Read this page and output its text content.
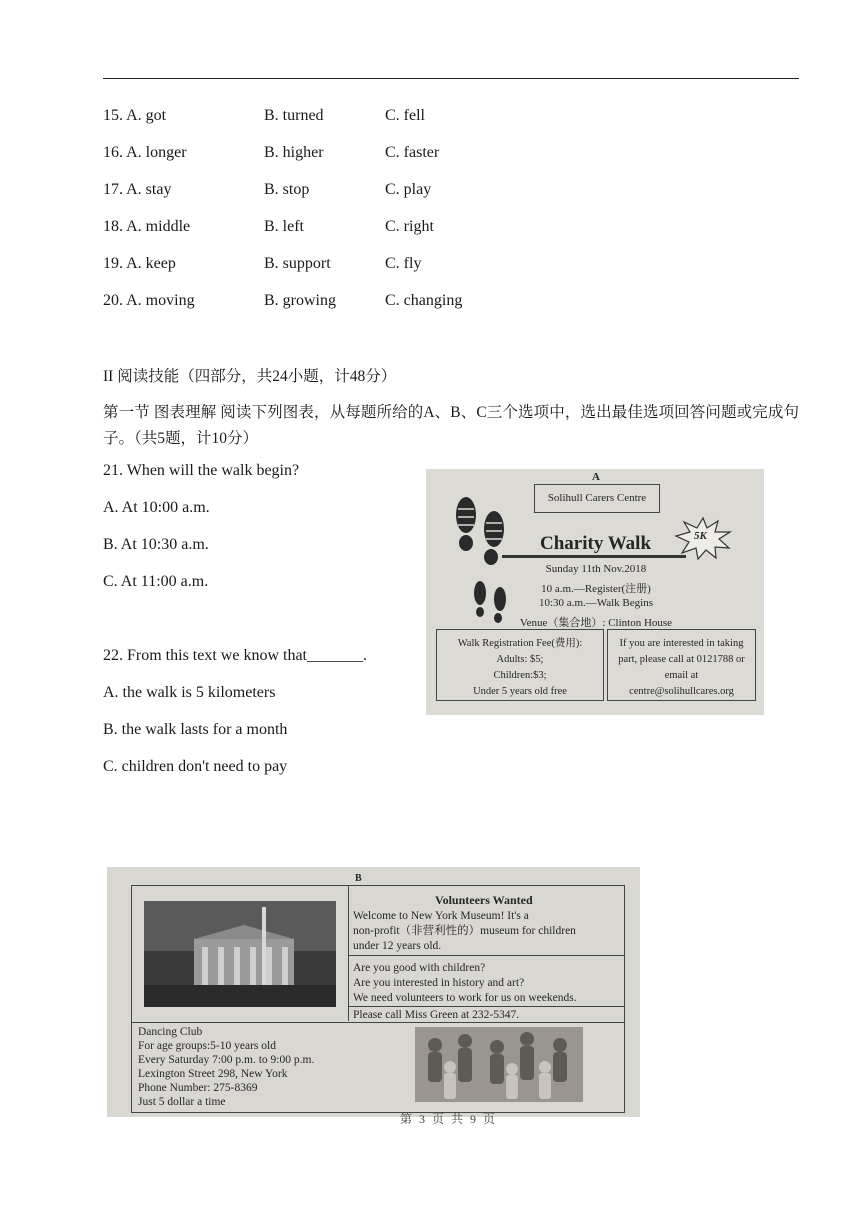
15. A. got	B. turned	C. fell
16. A. longer	B. higher	C. faster
17. A. stay	B. stop	C. play
18. A. middle	B. left	C. right
19. A. keep	B. support	C. fly
20. A. moving	B. growing	C. changing
II 阅读技能（四部分，共24小题，计48分）
第一节 图表理解 阅读下列图表，从每题所给的A、B、C三个选项中，选出最佳选项回答问题或完成句子。（共5题，计10分）
21. When will the walk begin?
A. At 10:00 a.m.
B. At 10:30 a.m.
C. At 11:00 a.m.
22. From this text we know that_______.
A. the walk is 5 kilometers
B. the walk lasts for a month
C. children don't need to pay
A
Solihull Carers Centre
Charity Walk	5K
Sunday 11th Nov.2018
10 a.m.—Register(注册)
10:30 a.m.—Walk Begins
Venue（集合地）: Clinton House
Walk Registration Fee(费用):
Adults: $5;
Children:$3;
Under 5 years old free
If you are interested in taking
part, please call at 0121788 or
email at
centre@solihullcares.org
B
Volunteers Wanted
Welcome to New York Museum! It's a
non-profit（非营利性的）museum for children
under 12 years old.
Are you good with children?
Are you interested in history and art?
We need volunteers to work for us on weekends.
Please call Miss Green at 232-5347.
Dancing Club
For age groups:5-10 years old
Every Saturday 7:00 p.m. to 9:00 p.m.
Lexington Street 298, New York
Phone Number: 275-8369
Just 5 dollar a time
第 3 页 共 9 页
